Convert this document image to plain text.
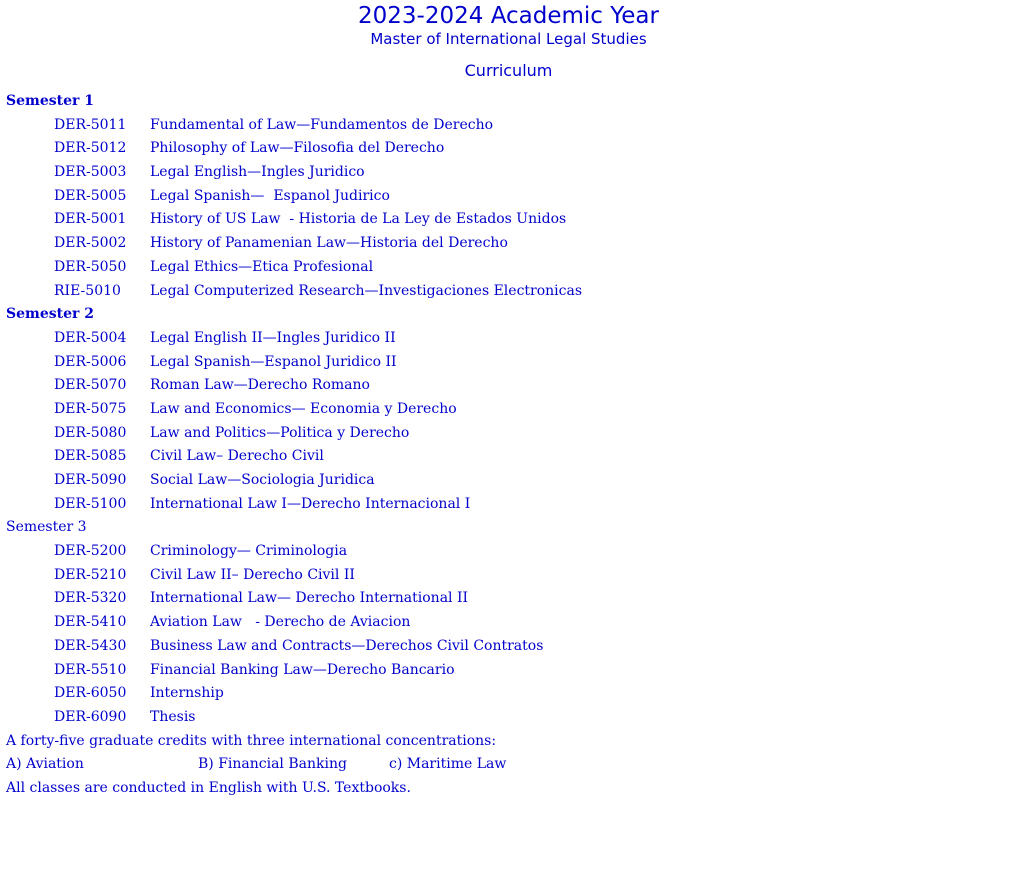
2023-2024 Academic Year
Master of International Legal Studies
Curriculum
Semester 1
DER-5011 Fundamental of Law—Fundamentos de Derecho
DER-5012 Philosophy of Law—Filosofia del Derecho
DER-5003 Legal English—Ingles Juridico
DER-5005 Legal Spanish—  Espanol Judirico
DER-5001 History of US Law  - Historia de La Ley de Estados Unidos
DER-5002 History of Panamenian Law—Historia del Derecho
DER-5050 Legal Ethics—Etica Profesional
RIE-5010 Legal Computerized Research—Investigaciones Electronicas
Semester 2
DER-5004 Legal English II—Ingles Juridico II
DER-5006 Legal Spanish—Espanol Juridico II
DER-5070 Roman Law—Derecho Romano
DER-5075 Law and Economics— Economia y Derecho
DER-5080 Law and Politics—Politica y Derecho
DER-5085 Civil Law– Derecho Civil
DER-5090 Social Law—Sociologia Juridica
DER-5100 International Law I—Derecho Internacional I
Semester 3
DER-5200 Criminology— Criminologia
DER-5210 Civil Law II– Derecho Civil II
DER-5320 International Law— Derecho International II
DER-5410 Aviation Law   - Derecho de Aviacion
DER-5430 Business Law and Contracts—Derechos Civil Contratos
DER-5510 Financial Banking Law—Derecho Bancario
DER-6050 Internship
DER-6090 Thesis
A forty-five graduate credits with three international concentrations:
A) Aviation	B) Financial Banking	c) Maritime Law
All classes are conducted in English with U.S. Textbooks.
